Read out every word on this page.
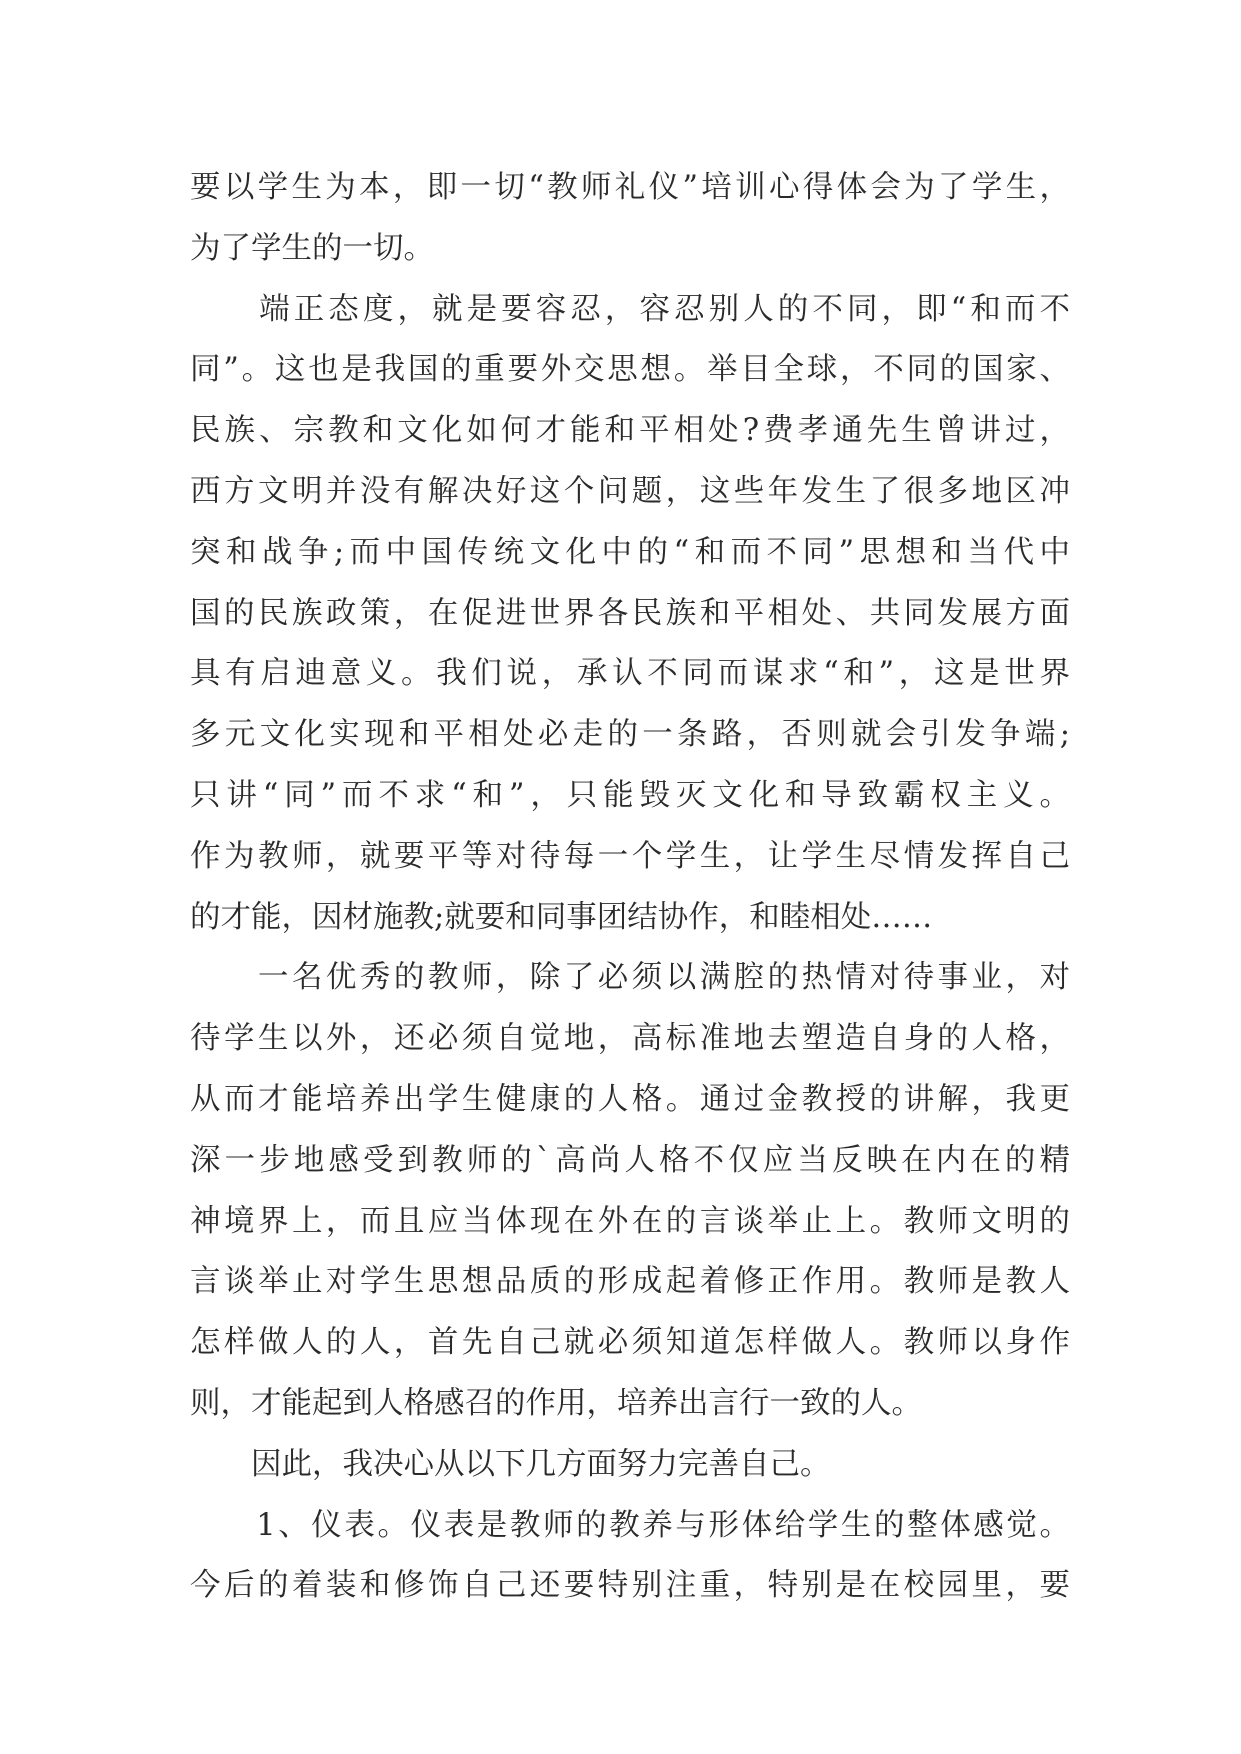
要以学生为本，即一切“教师礼仪”培训心得体会为了学生，
为了学生的一切。
　　端正态度，就是要容忍，容忍别人的不同，即“和而不
同”。这也是我国的重要外交思想。举目全球，不同的国家、
民族、宗教和文化如何才能和平相处?费孝通先生曾讲过，
西方文明并没有解决好这个问题，这些年发生了很多地区冲
突和战争;而中国传统文化中的“和而不同”思想和当代中
国的民族政策，在促进世界各民族和平相处、共同发展方面
具有启迪意义。我们说，承认不同而谋求“和”，这是世界
多元文化实现和平相处必走的一条路，否则就会引发争端;
只讲“同”而不求“和”，只能毁灭文化和导致霸权主义。
作为教师，就要平等对待每一个学生，让学生尽情发挥自己
的才能，因材施教;就要和同事团结协作，和睦相处……
　　一名优秀的教师，除了必须以满腔的热情对待事业，对
待学生以外，还必须自觉地，高标准地去塑造自身的人格，
从而才能培养出学生健康的人格。通过金教授的讲解，我更
深一步地感受到教师的`高尚人格不仅应当反映在内在的精
神境界上，而且应当体现在外在的言谈举止上。教师文明的
言谈举止对学生思想品质的形成起着修正作用。教师是教人
怎样做人的人，首先自己就必须知道怎样做人。教师以身作
则，才能起到人格感召的作用，培养出言行一致的人。
　　因此，我决心从以下几方面努力完善自己。
　　1、仪表。仪表是教师的教养与形体给学生的整体感觉。
今后的着装和修饰自己还要特别注重，特别是在校园里，要
